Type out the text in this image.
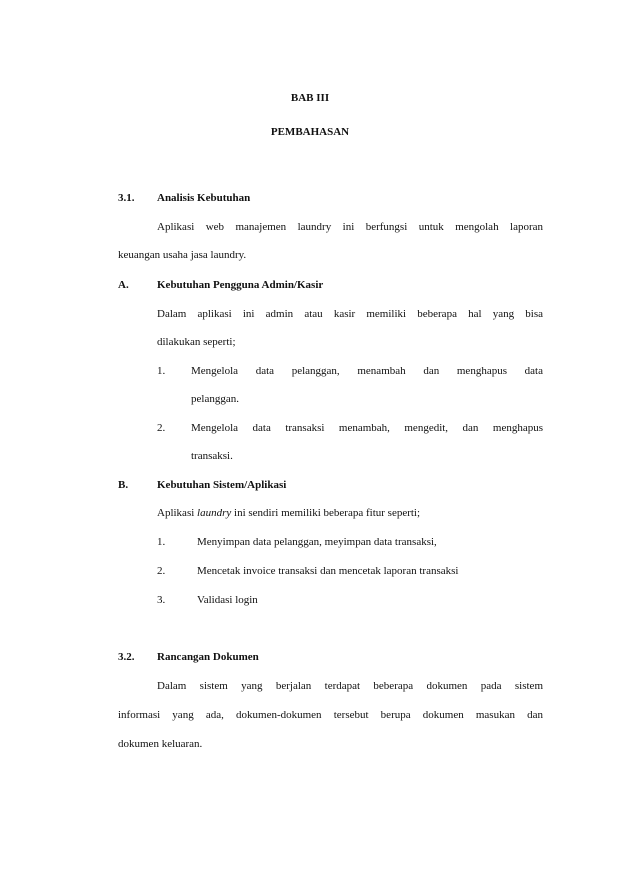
BAB III
PEMBAHASAN
3.1. Analisis Kebutuhan
Aplikasi web manajemen laundry ini berfungsi untuk mengolah laporan
keuangan usaha jasa laundry.
A.	Kebutuhan Pengguna Admin/Kasir
Dalam aplikasi ini admin atau kasir memiliki beberapa hal yang bisa
dilakukan seperti;
1. Mengelola data pelanggan, menambah dan menghapus data
pelanggan.
2. Mengelola data transaksi menambah, mengedit, dan menghapus
transaksi.
B.	Kebutuhan Sistem/Aplikasi
Aplikasi laundry ini sendiri memiliki beberapa fitur seperti;
1.	Menyimpan data pelanggan, meyimpan data transaksi,
2.	Mencetak invoice transaksi dan mencetak laporan transaksi
3.	Validasi login
3.2. Rancangan Dokumen
Dalam sistem yang berjalan terdapat beberapa dokumen pada sistem
informasi yang ada, dokumen-dokumen tersebut berupa dokumen masukan dan
dokumen keluaran.
